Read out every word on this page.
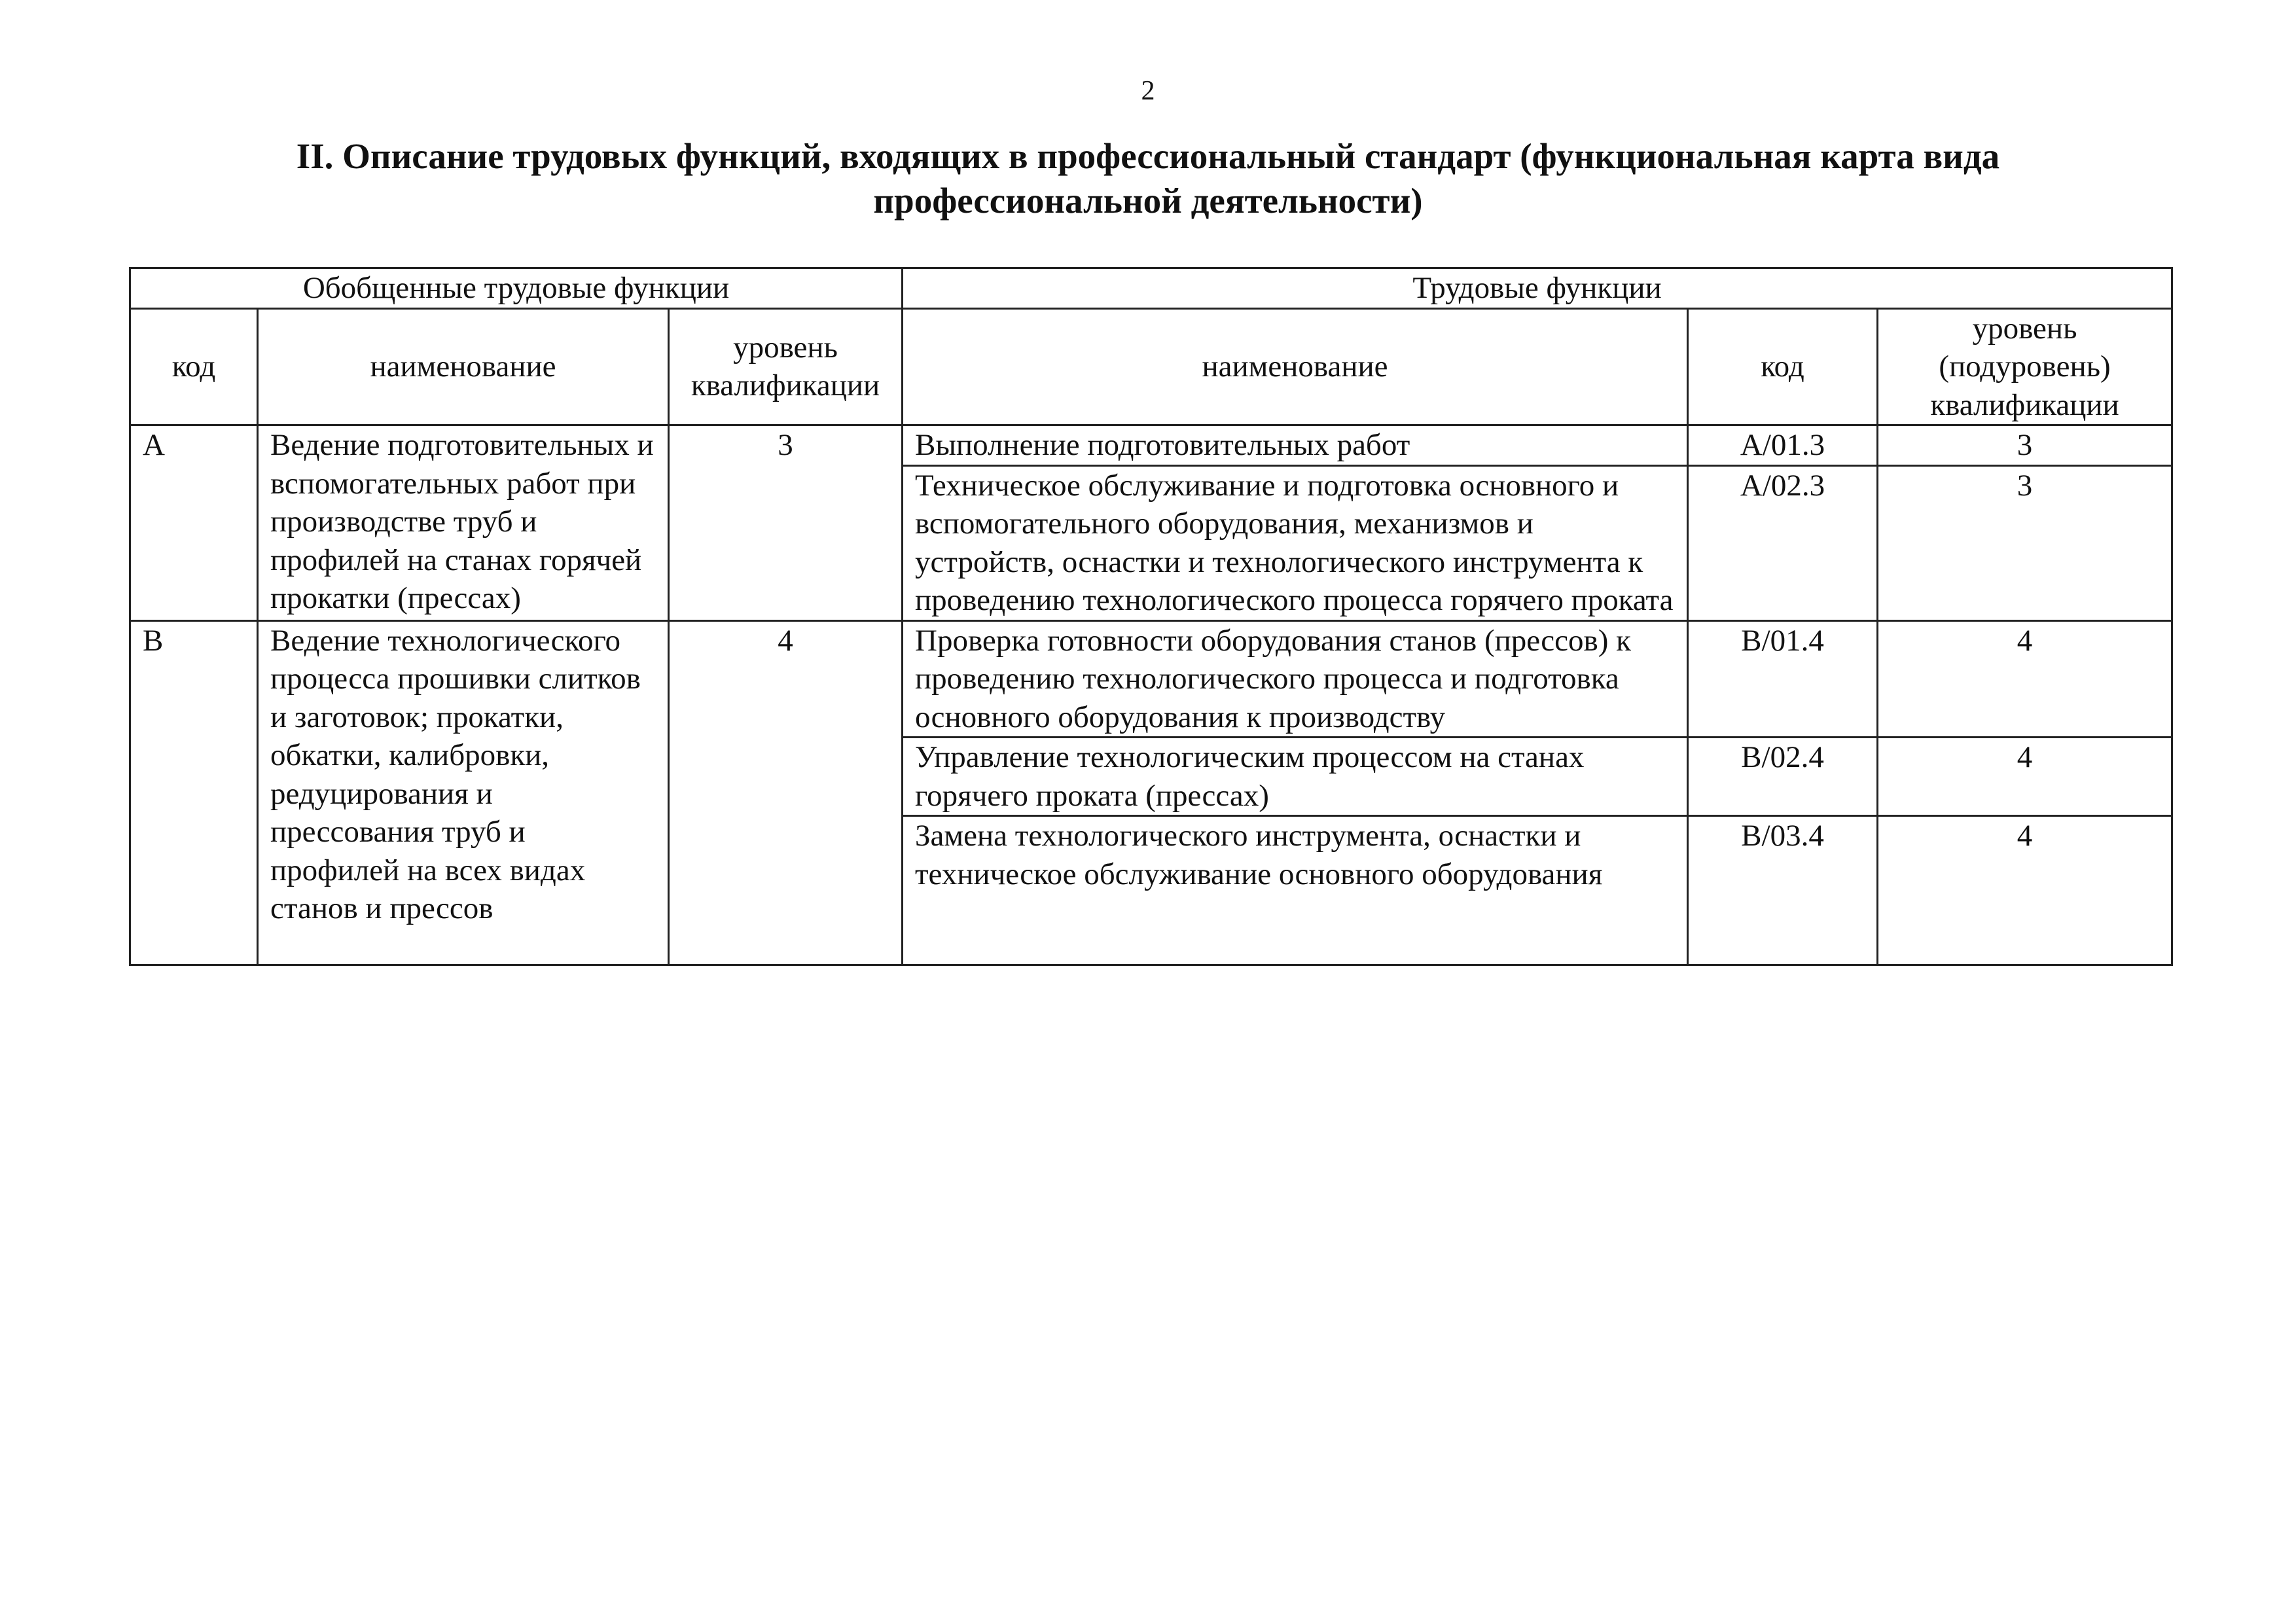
2
II. Описание трудовых функций, входящих в профессиональный стандарт (функциональная карта вида
профессиональной деятельности)
Обобщенные трудовые функции			Трудовые функции		
код	наименование	уровень квалификации	наименование	код	уровень (подуровень) квалификации
A	Ведение подготовительных и вспомогательных работ при производстве труб и профилей на станах горячей прокатки (прессах)	3	Выполнение подготовительных работ	A/01.3	3
			Техническое обслуживание и подготовка основного и вспомогательного оборудования, механизмов и устройств, оснастки и технологического инструмента к проведению технологического процесса горячего проката	A/02.3	3
B	Ведение технологического процесса прошивки слитков и заготовок; прокатки, обкатки, калибровки, редуцирования и прессования труб и профилей на всех видах станов и прессов	4	Проверка готовности оборудования станов (прессов) к проведению технологического процесса и подготовка основного оборудования к производству	B/01.4	4
			Управление технологическим процессом на станах горячего проката (прессах)	B/02.4	4
			Замена технологического инструмента, оснастки и техническое обслуживание основного оборудования	B/03.4	4
